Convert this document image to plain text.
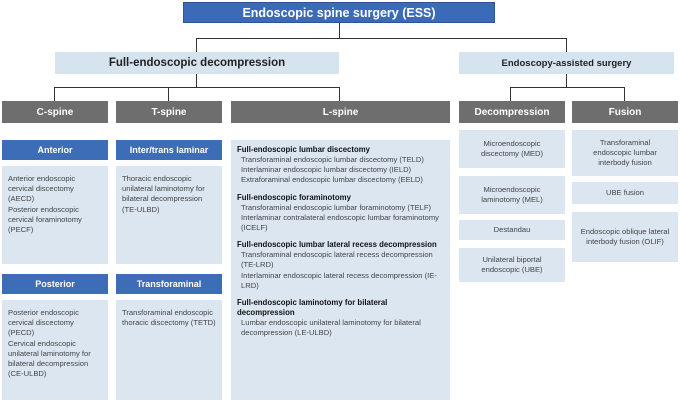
Endoscopic spine surgery (ESS)
Full-endoscopic decompression	Endoscopy-assisted surgery
C-spine	T-spine	L-spine	Decompression	Fusion
Anterior
Anterior endoscopic cervical discectomy (AECD)
Posterior endoscopic cervical foraminotomy (PECF)
Posterior
Posterior endoscopic cervical discectomy (PECD)
Cervical endoscopic unilateral laminotomy for bilateral decompression (CE-ULBD)
Inter/trans laminar
Thoracic endoscopic unilateral laminotomy for bilateral decompression (TE-ULBD)
Transforaminal
Transforaminal endoscopic thoracic discectomy (TETD)
Full-endoscopic lumbar discectomy
Transforaminal endoscopic lumbar discectomy (TELD)
Interlaminar endoscopic lumbar discectomy (IELD)
Extraforaminal endoscopic lumbar discectomy (EELD)
Full-endoscopic foraminotomy
Transforaminal endoscopic lumbar foraminotomy (TELF)
Interlaminar contralateral endoscopic lumbar foraminotomy (ICELF)
Full-endoscopic lumbar lateral recess decompression
Transforaminal endoscopic lateral recess decompression (TE-LRD)
Interlaminar endoscopic lateral recess decompression (IE-LRD)
Full-endoscopic laminotomy for bilateral decompression
Lumbar endoscopic unilateral laminotomy for bilateral decompression (LE-ULBD)
Microendoscopic discectomy (MED)
Microendoscopic laminotomy (MEL)
Destandau
Unilateral biportal endoscopic (UBE)
Transforaminal endoscopic lumbar interbody fusion
UBE fusion
Endoscopic oblique lateral interbody fusion (OLIF)
